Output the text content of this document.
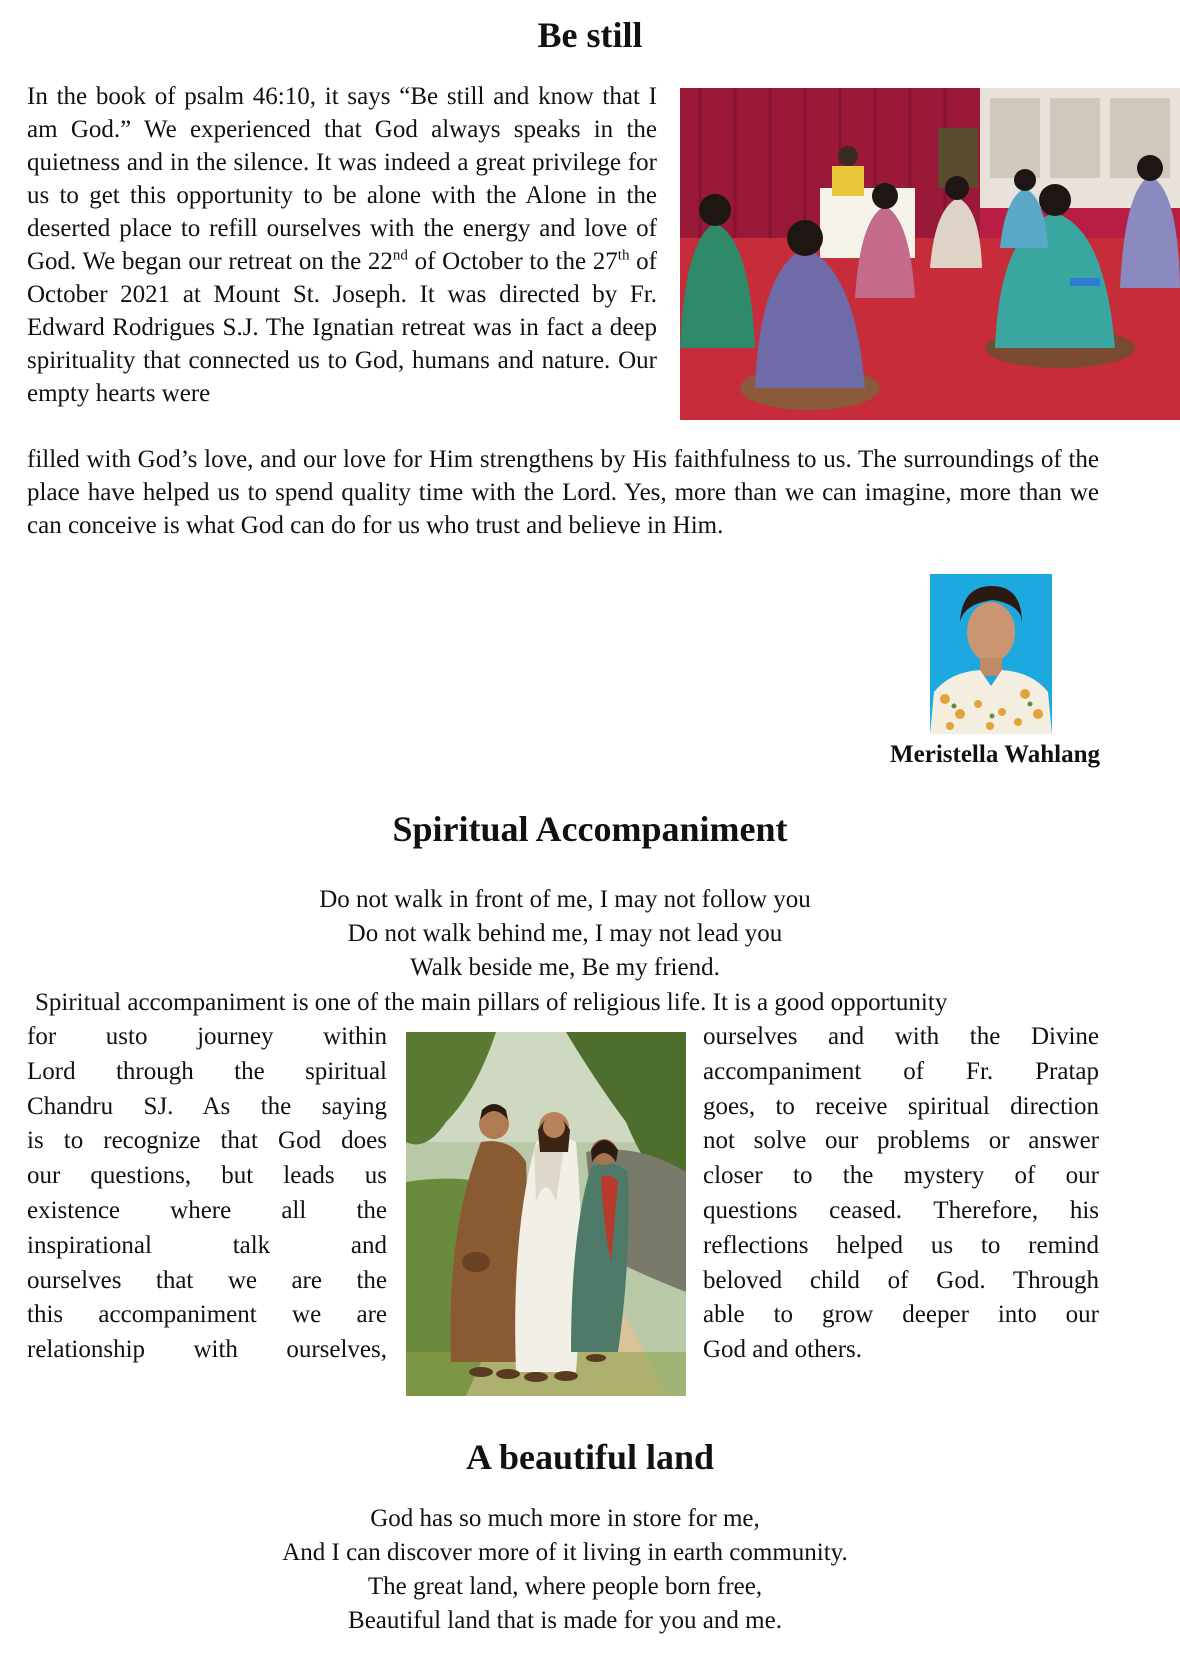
Be still

In the book of psalm 46:10, it says “Be still and know that I am God.” We experienced that God always speaks in the quietness and in the silence. It was indeed a great privilege for us to get this opportunity to be alone with the Alone in the deserted place to refill ourselves with the energy and love of God. We began our retreat on the 22nd of October to the 27th of October 2021 at Mount St. Joseph. It was directed by Fr. Edward Rodrigues S.J. The Ignatian retreat was in fact a deep spirituality that connected us to God, humans and nature. Our empty hearts were

filled with God’s love, and our love for Him strengthens by His faithfulness to us. The surroundings of the place have helped us to spend quality time with the Lord. Yes, more than we can imagine, more than we can conceive is what God can do for us who trust and believe in Him.

Meristella Wahlang
Spiritual Accompaniment
Do not walk in front of me, I may not follow you
Do not walk behind me, I may not lead you
Walk beside me, Be my friend.

Spiritual accompaniment is one of the main pillars of religious life. It is a good opportunity

for usto journey within
Lord through the spiritual
Chandru SJ. As the saying
is to recognize that God does
our questions, but leads us
existence where all the
inspirational talk and
ourselves that we are the
this accompaniment we are
relationship with ourselves,
ourselves and with the Divine
accompaniment of Fr. Pratap
goes, to receive spiritual direction
not solve our problems or answer
closer to the mystery of our
questions ceased. Therefore, his
reflections helped us to remind
beloved child of God. Through
able to grow deeper into our
God and others.
A beautiful land
God has so much more in store for me,
And I can discover more of it living in earth community.
The great land, where people born free,
Beautiful land that is made for you and me.
